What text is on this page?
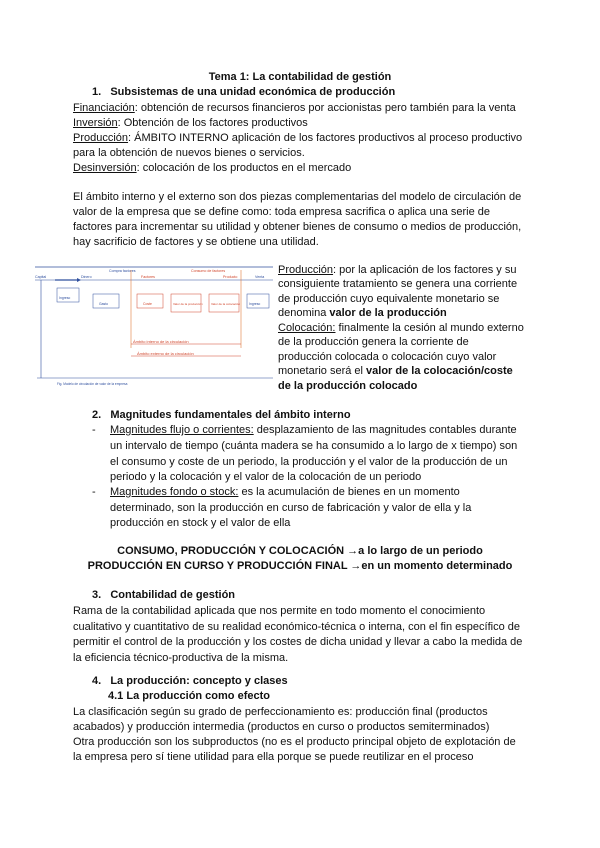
Tema 1: La contabilidad de gestión
1.   Subsistemas de una unidad económica de producción
Financiación: obtención de recursos financieros por accionistas pero también para la venta
Inversión: Obtención de los factores productivos
Producción: ÁMBITO INTERNO aplicación de los factores productivos al proceso productivo
para la obtención de nuevos bienes o servicios.
Desinversión: colocación de los productos en el mercado
El ámbito interno y el externo son dos piezas complementarias del modelo de circulación de
valor de la empresa que se define como: toda empresa sacrifica o aplica una serie de
factores para incrementar su utilidad y obtener bienes de consumo o medios de producción,
hay sacrificio de factores y se obtiene una utilidad.
Capital	Dinero
Compra factores
Factores
Consumo de factores
Producto	Venta
Ingreso
Gasto	Coste	Valor de la producción	Valor de la colocación	Ingreso
Ámbito interno de la circulación
Ámbito externo de la circulación
Fig. Modelo de circulación de valor de la empresa
Producción: por la aplicación de los factores y su
consiguiente tratamiento se genera una corriente
de producción cuyo equivalente monetario se
denomina valor de la producción
Colocación: finalmente la cesión al mundo externo
de la producción genera la corriente de
producción colocada o colocación cuyo valor
monetario será el valor de la colocación/coste
de la producción colocado
2.   Magnitudes fundamentales del ámbito interno
- Magnitudes flujo o corrientes: desplazamiento de las magnitudes contables durante
un intervalo de tiempo (cuánta madera se ha consumido a lo largo de x tiempo) son
el consumo y coste de un periodo, la producción y el valor de la producción de un
periodo y la colocación y el valor de la colocación de un periodo
- Magnitudes fondo o stock: es la acumulación de bienes en un momento
determinado, son la producción en curso de fabricación y valor de ella y la
producción en stock y el valor de ella
CONSUMO, PRODUCCIÓN Y COLOCACIÓN →a lo largo de un periodo
PRODUCCIÓN EN CURSO Y PRODUCCIÓN FINAL →en un momento determinado
3.   Contabilidad de gestión
Rama de la contabilidad aplicada que nos permite en todo momento el conocimiento
cualitativo y cuantitativo de su realidad económico-técnica o interna, con el fin específico de
permitir el control de la producción y los costes de dicha unidad y llevar a cabo la medida de
la eficiencia técnico-productiva de la misma.
4.   La producción: concepto y clases
4.1 La producción como efecto
La clasificación según su grado de perfeccionamiento es: producción final (productos
acabados) y producción intermedia (productos en curso o productos semiterminados)
Otra producción son los subproductos (no es el producto principal objeto de explotación de
la empresa pero sí tiene utilidad para ella porque se puede reutilizar en el proceso
